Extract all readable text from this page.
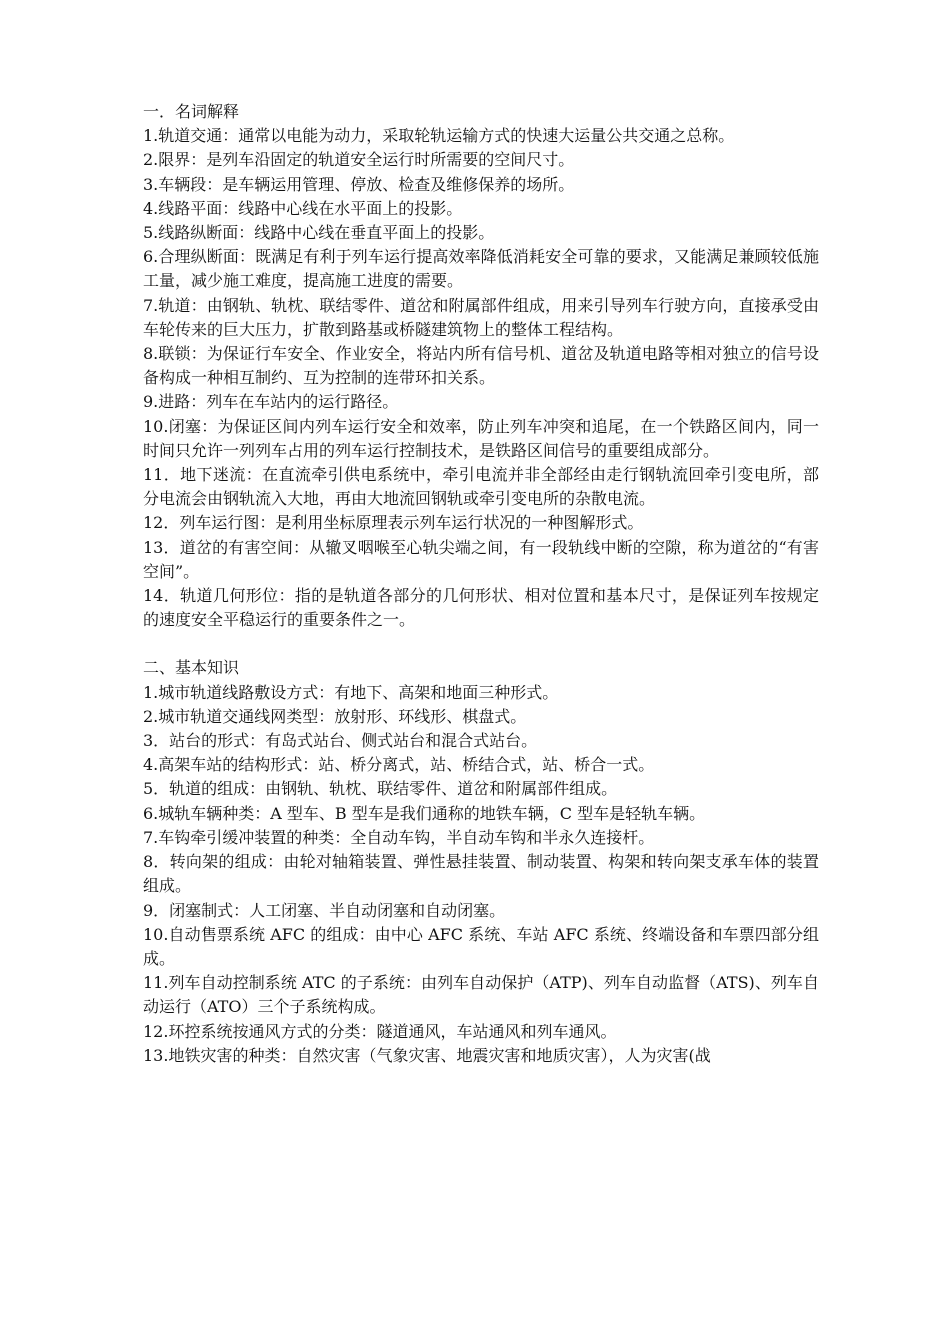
一．名词解释

1.轨道交通：通常以电能为动力，采取轮轨运输方式的快速大运量公共交通之总称。

2.限界：是列车沿固定的轨道安全运行时所需要的空间尺寸。

3.车辆段：是车辆运用管理、停放、检查及维修保养的场所。

4.线路平面：线路中心线在水平面上的投影。

5.线路纵断面：线路中心线在垂直平面上的投影。

6.合理纵断面：既满足有利于列车运行提高效率降低消耗安全可靠的要求，又能满足兼顾较低施工量，减少施工难度，提高施工进度的需要。

7.轨道：由钢轨、轨枕、联结零件、道岔和附属部件组成，用来引导列车行驶方向，直接承受由车轮传来的巨大压力，扩散到路基或桥隧建筑物上的整体工程结构。

8.联锁：为保证行车安全、作业安全，将站内所有信号机、道岔及轨道电路等相对独立的信号设备构成一种相互制约、互为控制的连带环扣关系。

9.进路：列车在车站内的运行路径。

10.闭塞：为保证区间内列车运行安全和效率，防止列车冲突和追尾，在一个铁路区间内，同一时间只允许一列列车占用的列车运行控制技术，是铁路区间信号的重要组成部分。

11．地下迷流：在直流牵引供电系统中，牵引电流并非全部经由走行钢轨流回牵引变电所，部分电流会由钢轨流入大地，再由大地流回钢轨或牵引变电所的杂散电流。

12．列车运行图：是利用坐标原理表示列车运行状况的一种图解形式。

13．道岔的有害空间：从辙叉咽喉至心轨尖端之间，有一段轨线中断的空隙，称为道岔的“有害空间”。

14．轨道几何形位：指的是轨道各部分的几何形状、相对位置和基本尺寸，是保证列车按规定的速度安全平稳运行的重要条件之一。

二、基本知识

1.城市轨道线路敷设方式：有地下、高架和地面三种形式。

2.城市轨道交通线网类型：放射形、环线形、棋盘式。

3．站台的形式：有岛式站台、侧式站台和混合式站台。

4.高架车站的结构形式：站、桥分离式，站、桥结合式，站、桥合一式。

5．轨道的组成：由钢轨、轨枕、联结零件、道岔和附属部件组成。

6.城轨车辆种类：A 型车、B 型车是我们通称的地铁车辆，C 型车是轻轨车辆。

7.车钩牵引缓冲装置的种类：全自动车钩，半自动车钩和半永久连接杆。

8．转向架的组成：由轮对轴箱装置、弹性悬挂装置、制动装置、构架和转向架支承车体的装置组成。

9．闭塞制式：人工闭塞、半自动闭塞和自动闭塞。

10.自动售票系统 AFC 的组成：由中心 AFC 系统、车站 AFC 系统、终端设备和车票四部分组成。

11.列车自动控制系统 ATC 的子系统：由列车自动保护（ATP)、列车自动监督（ATS)、列车自动运行（ATO）三个子系统构成。

12.环控系统按通风方式的分类：隧道通风，车站通风和列车通风。

13.地铁灾害的种类：自然灾害（气象灾害、地震灾害和地质灾害），人为灾害(战
